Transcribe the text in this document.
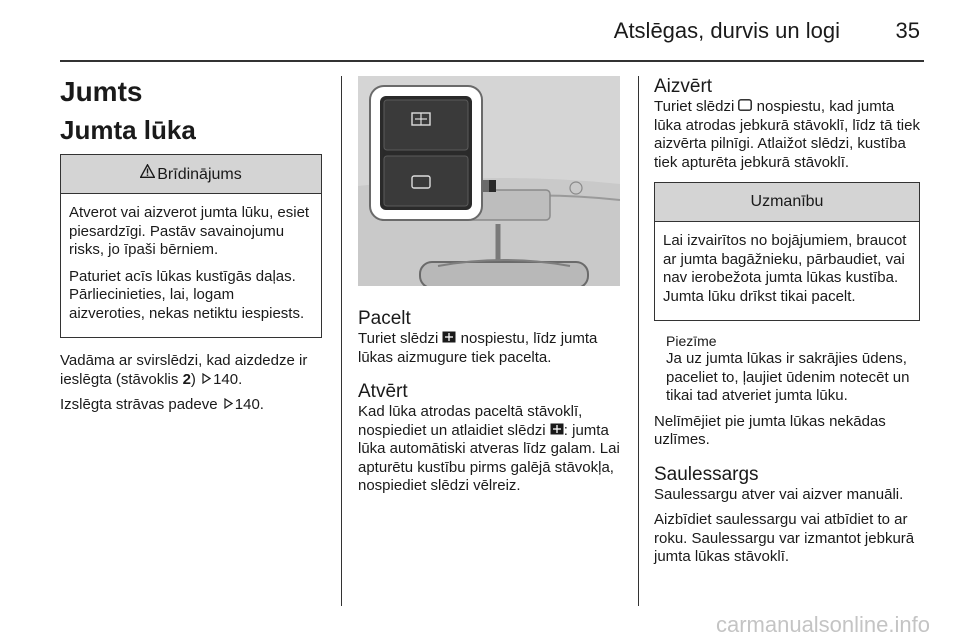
Atslēgas, durvis un logi	35
Jumts
Jumta lūka
Brīdinājums

Atverot vai aizverot jumta lūku, esiet piesardzīgi. Pastāv savainojumu risks, jo īpaši bērniem.

Paturiet acīs lūkas kustīgās daļas. Pārliecinieties, lai, logam aizveroties, nekas netiktu iespiests.

Vadāma ar svirslēdzi, kad aizdedze ir ieslēgta (stāvoklis 2) 140.

Izslēgta strāvas padeve 140.

Pacelt

Turiet slēdzi  nospiestu, līdz jumta lūkas aizmugure tiek pacelta.

Atvērt

Kad lūka atrodas paceltā stāvoklī, nospiediet un atlaidiet slēdzi : jumta lūka automātiski atveras līdz galam. Lai apturētu kustību pirms galējā stāvokļa, nospiediet slēdzi vēlreiz.

Aizvērt

Turiet slēdzi  nospiestu, kad jumta lūka atrodas jebkurā stāvoklī, līdz tā tiek aizvērta pilnīgi. Atlaižot slēdzi, kustība tiek apturēta jebkurā stāvoklī.

Uzmanību

Lai izvairītos no bojājumiem, braucot ar jumta bagāžnieku, pārbaudiet, vai nav ierobežota jumta lūkas kustība. Jumta lūku drīkst tikai pacelt.

Piezīme

Ja uz jumta lūkas ir sakrājies ūdens, paceliet to, ļaujiet ūdenim notecēt un tikai tad atveriet jumta lūku.

Nelīmējiet pie jumta lūkas nekādas uzlīmes.

Saulessargs

Saulessargu atver vai aizver manuāli.

Aizbīdiet saulessargu vai atbīdiet to ar roku. Saulessargu var izmantot jebkurā jumta lūkas stāvoklī.

carmanualsonline.info
